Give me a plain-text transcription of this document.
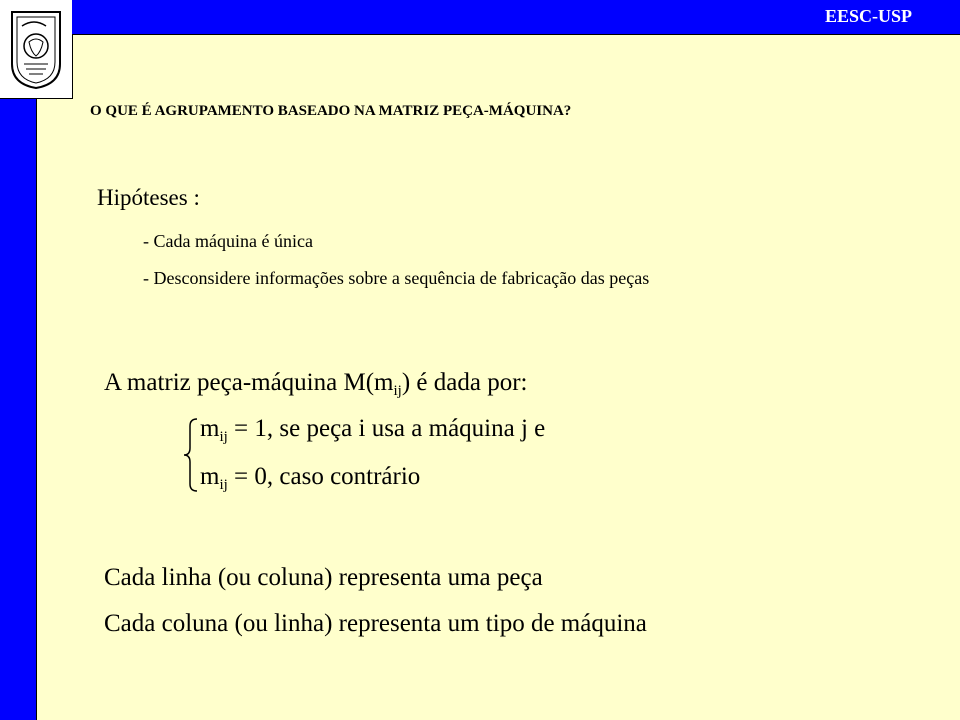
EESC-USP
O QUE É AGRUPAMENTO BASEADO NA MATRIZ PEÇA-MÁQUINA?
Hipóteses :
- Cada máquina é única
- Desconsidere informações sobre a sequência de fabricação das peças
A matriz peça-máquina $M(m_{ij})$ é dada por:
$m_{ij} = 1$, se peça i usa a máquina j e
$m_{ij} = 0$, caso contrário
Cada linha (ou coluna) representa uma peça
Cada coluna (ou linha) representa um tipo de máquina
